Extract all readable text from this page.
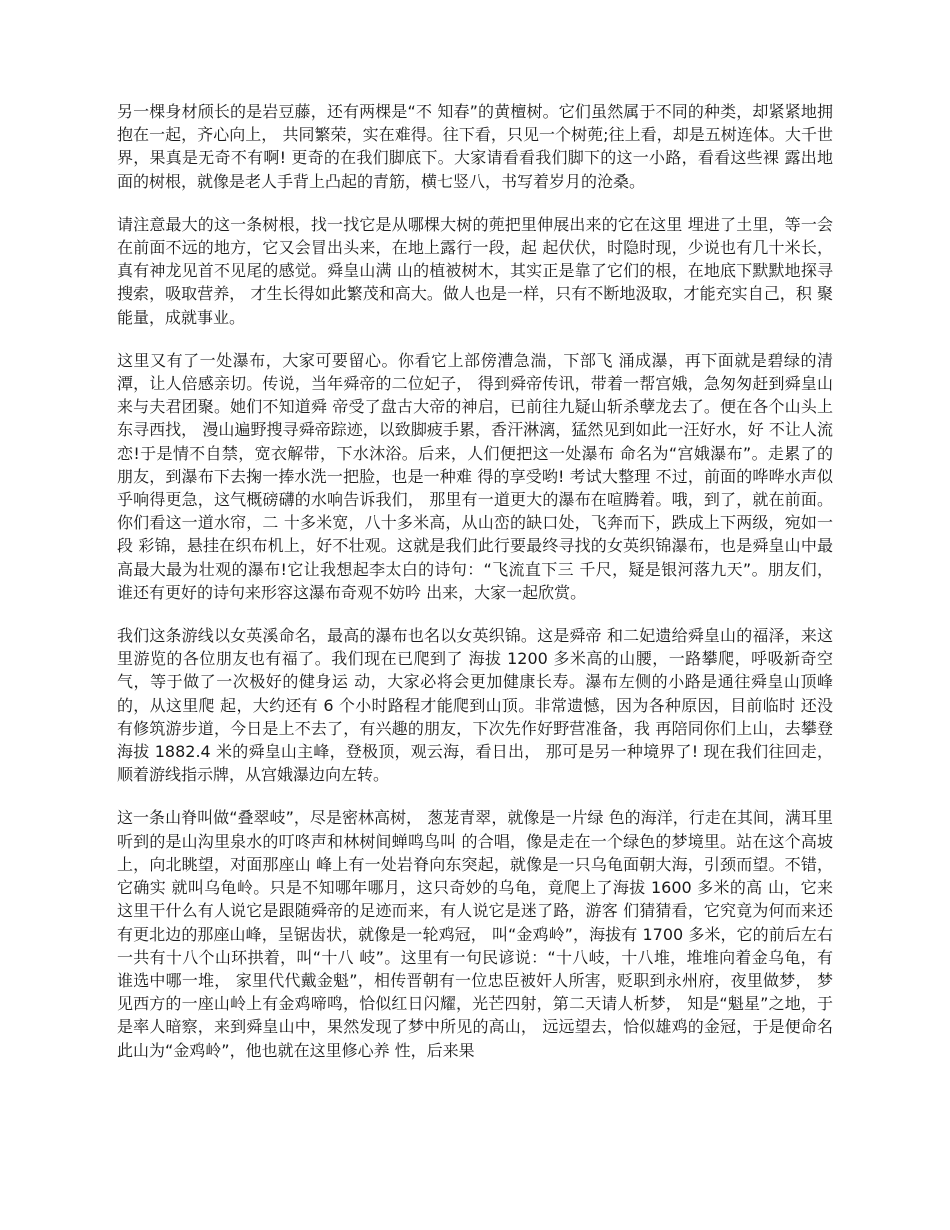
另一棵身材颀长的是岩豆藤，还有两棵是“不 知春”的黄檀树。它们虽然属于不同的种类，却紧紧地拥抱在一起，齐心向上， 共同繁荣，实在难得。往下看，只见一个树蔸;往上看，却是五树连体。大千世 界，果真是无奇不有啊! 更奇的在我们脚底下。大家请看看我们脚下的这一小路，看看这些裸 露出地面的树根，就像是老人手背上凸起的青筋，横七竖八，书写着岁月的沧桑。

请注意最大的这一条树根，找一找它是从哪棵大树的蔸把里伸展出来的它在这里 埋进了土里，等一会在前面不远的地方，它又会冒出头来，在地上露行一段，起 起伏伏，时隐时现，少说也有几十米长，真有神龙见首不见尾的感觉。舜皇山满 山的植被树木，其实正是靠了它们的根，在地底下默默地探寻搜索，吸取营养， 才生长得如此繁茂和高大。做人也是一样，只有不断地汲取，才能充实自己，积 聚能量，成就事业。

这里又有了一处瀑布，大家可要留心。你看它上部傍漕急湍，下部飞 涌成瀑，再下面就是碧绿的清潭，让人倍感亲切。传说，当年舜帝的二位妃子， 得到舜帝传讯，带着一帮宫娥，急匆匆赶到舜皇山来与夫君团聚。她们不知道舜 帝受了盘古大帝的神启，已前往九疑山斩杀孽龙去了。便在各个山头上东寻西找， 漫山遍野搜寻舜帝踪迹，以致脚疲手累，香汗淋漓，猛然见到如此一汪好水，好 不让人流恋!于是情不自禁，宽衣解带，下水沐浴。后来，人们便把这一处瀑布 命名为“宫娥瀑布”。走累了的朋友，到瀑布下去掬一捧水洗一把脸，也是一种难 得的享受哟! 考试大整理 不过，前面的哗哗水声似乎响得更急，这气概磅礴的水响告诉我们， 那里有一道更大的瀑布在喧腾着。哦，到了，就在前面。你们看这一道水帘，二 十多米宽，八十多米高，从山峦的缺口处，飞奔而下，跌成上下两级，宛如一段 彩锦，悬挂在织布机上，好不壮观。这就是我们此行要最终寻找的女英织锦瀑布，也是舜皇山中最高最大最为壮观的瀑布!它让我想起李太白的诗句：“飞流直下三 千尺，疑是银河落九天”。朋友们，谁还有更好的诗句来形容这瀑布奇观不妨吟 出来，大家一起欣赏。

我们这条游线以女英溪命名，最高的瀑布也名以女英织锦。这是舜帝 和二妃遗给舜皇山的福泽，来这里游览的各位朋友也有福了。我们现在已爬到了 海拔 1200 多米高的山腰，一路攀爬，呼吸新奇空气，等于做了一次极好的健身运 动，大家必将会更加健康长寿。瀑布左侧的小路是通往舜皇山顶峰的，从这里爬 起，大约还有 6 个小时路程才能爬到山顶。非常遗憾，因为各种原因，目前临时 还没有修筑游步道，今日是上不去了，有兴趣的朋友，下次先作好野营准备，我 再陪同你们上山，去攀登海拔 1882.4 米的舜皇山主峰，登极顶，观云海，看日出， 那可是另一种境界了! 现在我们往回走，顺着游线指示牌，从宫娥瀑边向左转。

这一条山脊叫做“叠翠岐”，尽是密林高树， 葱茏青翠，就像是一片绿 色的海洋，行走在其间，满耳里听到的是山沟里泉水的叮咚声和林树间蝉鸣鸟叫 的合唱，像是走在一个绿色的梦境里。站在这个高坡上，向北眺望，对面那座山 峰上有一处岩脊向东突起，就像是一只乌龟面朝大海，引颈而望。不错，它确实 就叫乌龟岭。只是不知哪年哪月，这只奇妙的乌龟，竟爬上了海拔 1600 多米的高 山，它来这里干什么有人说它是跟随舜帝的足迹而来，有人说它是迷了路，游客 们猜猜看，它究竟为何而来还有更北边的那座山峰，呈锯齿状，就像是一轮鸡冠， 叫“金鸡岭”，海拔有 1700 多米，它的前后左右一共有十八个山环拱着，叫“十八 岐”。这里有一句民谚说：“十八岐，十八堆，堆堆向着金乌龟，有谁选中哪一堆， 家里代代戴金魁”，相传晋朝有一位忠臣被奸人所害，贬职到永州府，夜里做梦， 梦见西方的一座山岭上有金鸡啼鸣，恰似红日闪耀，光芒四射，第二天请人析梦， 知是“魁星”之地，于是率人暗察，来到舜皇山中，果然发现了梦中所见的高山， 远远望去，恰似雄鸡的金冠，于是便命名此山为“金鸡岭”，他也就在这里修心养 性，后来果
